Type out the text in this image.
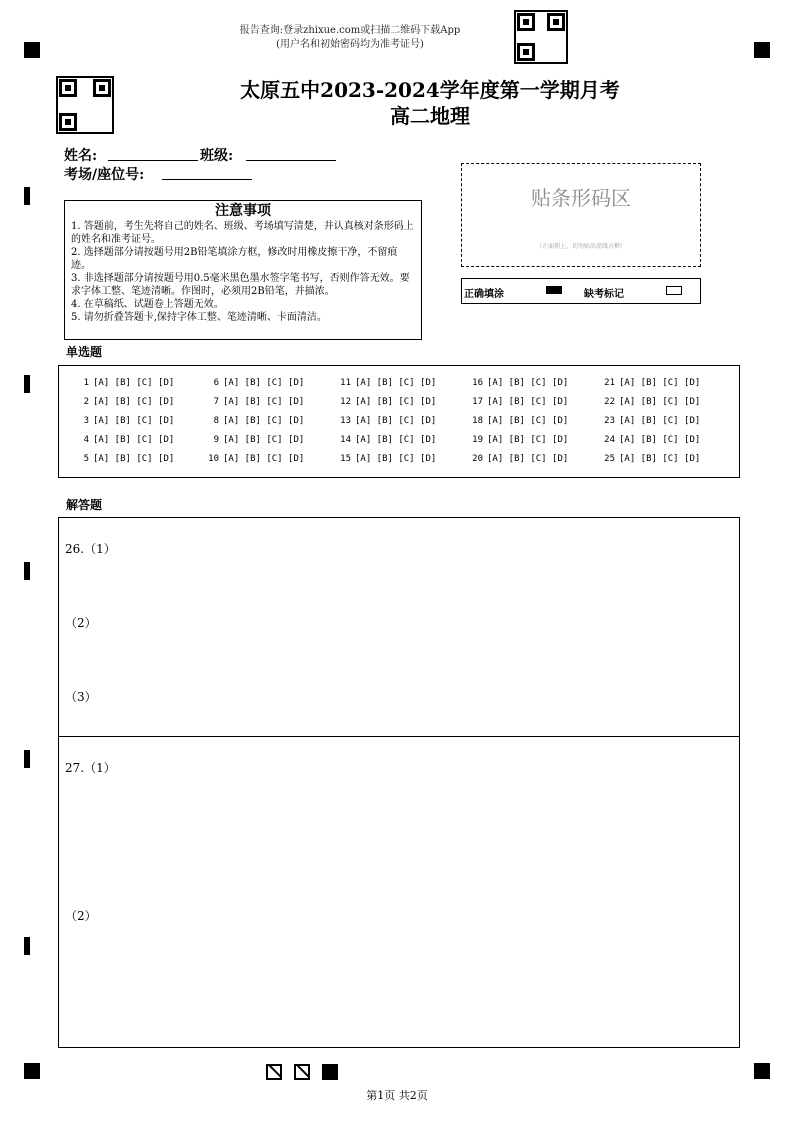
报告查询:登录zhixue.com或扫描二维码下载App
(用户名和初始密码均为准考证号)
太原五中2023-2024学年度第一学期月考
高二地理
姓名:	班级:
考场/座位号:
注意事项

1. 答题前，考生先将自己的姓名、班级、考场填写清楚，并认真核对条形码上的姓名和准考证号。

2. 选择题部分请按题号用2B铅笔填涂方框，修改时用橡皮擦干净，不留痕迹。

3. 非选择题部分请按题号用0.5毫米黑色墨水签字笔书写，否则作答无效。要求字体工整、笔迹清晰。作图时，必须用2B铅笔，并描浓。

4. 在草稿纸、试题卷上答题无效。

5. 请勿折叠答题卡,保持字体工整、笔迹清晰、卡面清洁。

贴条形码区
（正面朝上，切勿贴出虚线方框）
正确填涂	缺考标记
单选题
1 [A] [B] [C] [D]
2 [A] [B] [C] [D]
3 [A] [B] [C] [D]
4 [A] [B] [C] [D]
5 [A] [B] [C] [D]
6 [A] [B] [C] [D]
7 [A] [B] [C] [D]
8 [A] [B] [C] [D]
9 [A] [B] [C] [D]
10 [A] [B] [C] [D]
11 [A] [B] [C] [D]
12 [A] [B] [C] [D]
13 [A] [B] [C] [D]
14 [A] [B] [C] [D]
15 [A] [B] [C] [D]
16 [A] [B] [C] [D]
17 [A] [B] [C] [D]
18 [A] [B] [C] [D]
19 [A] [B] [C] [D]
20 [A] [B] [C] [D]
21 [A] [B] [C] [D]
22 [A] [B] [C] [D]
23 [A] [B] [C] [D]
24 [A] [B] [C] [D]
25 [A] [B] [C] [D]
解答题
26.（1）
（2）
（3）
27.（1）
（2）
第1页 共2页
